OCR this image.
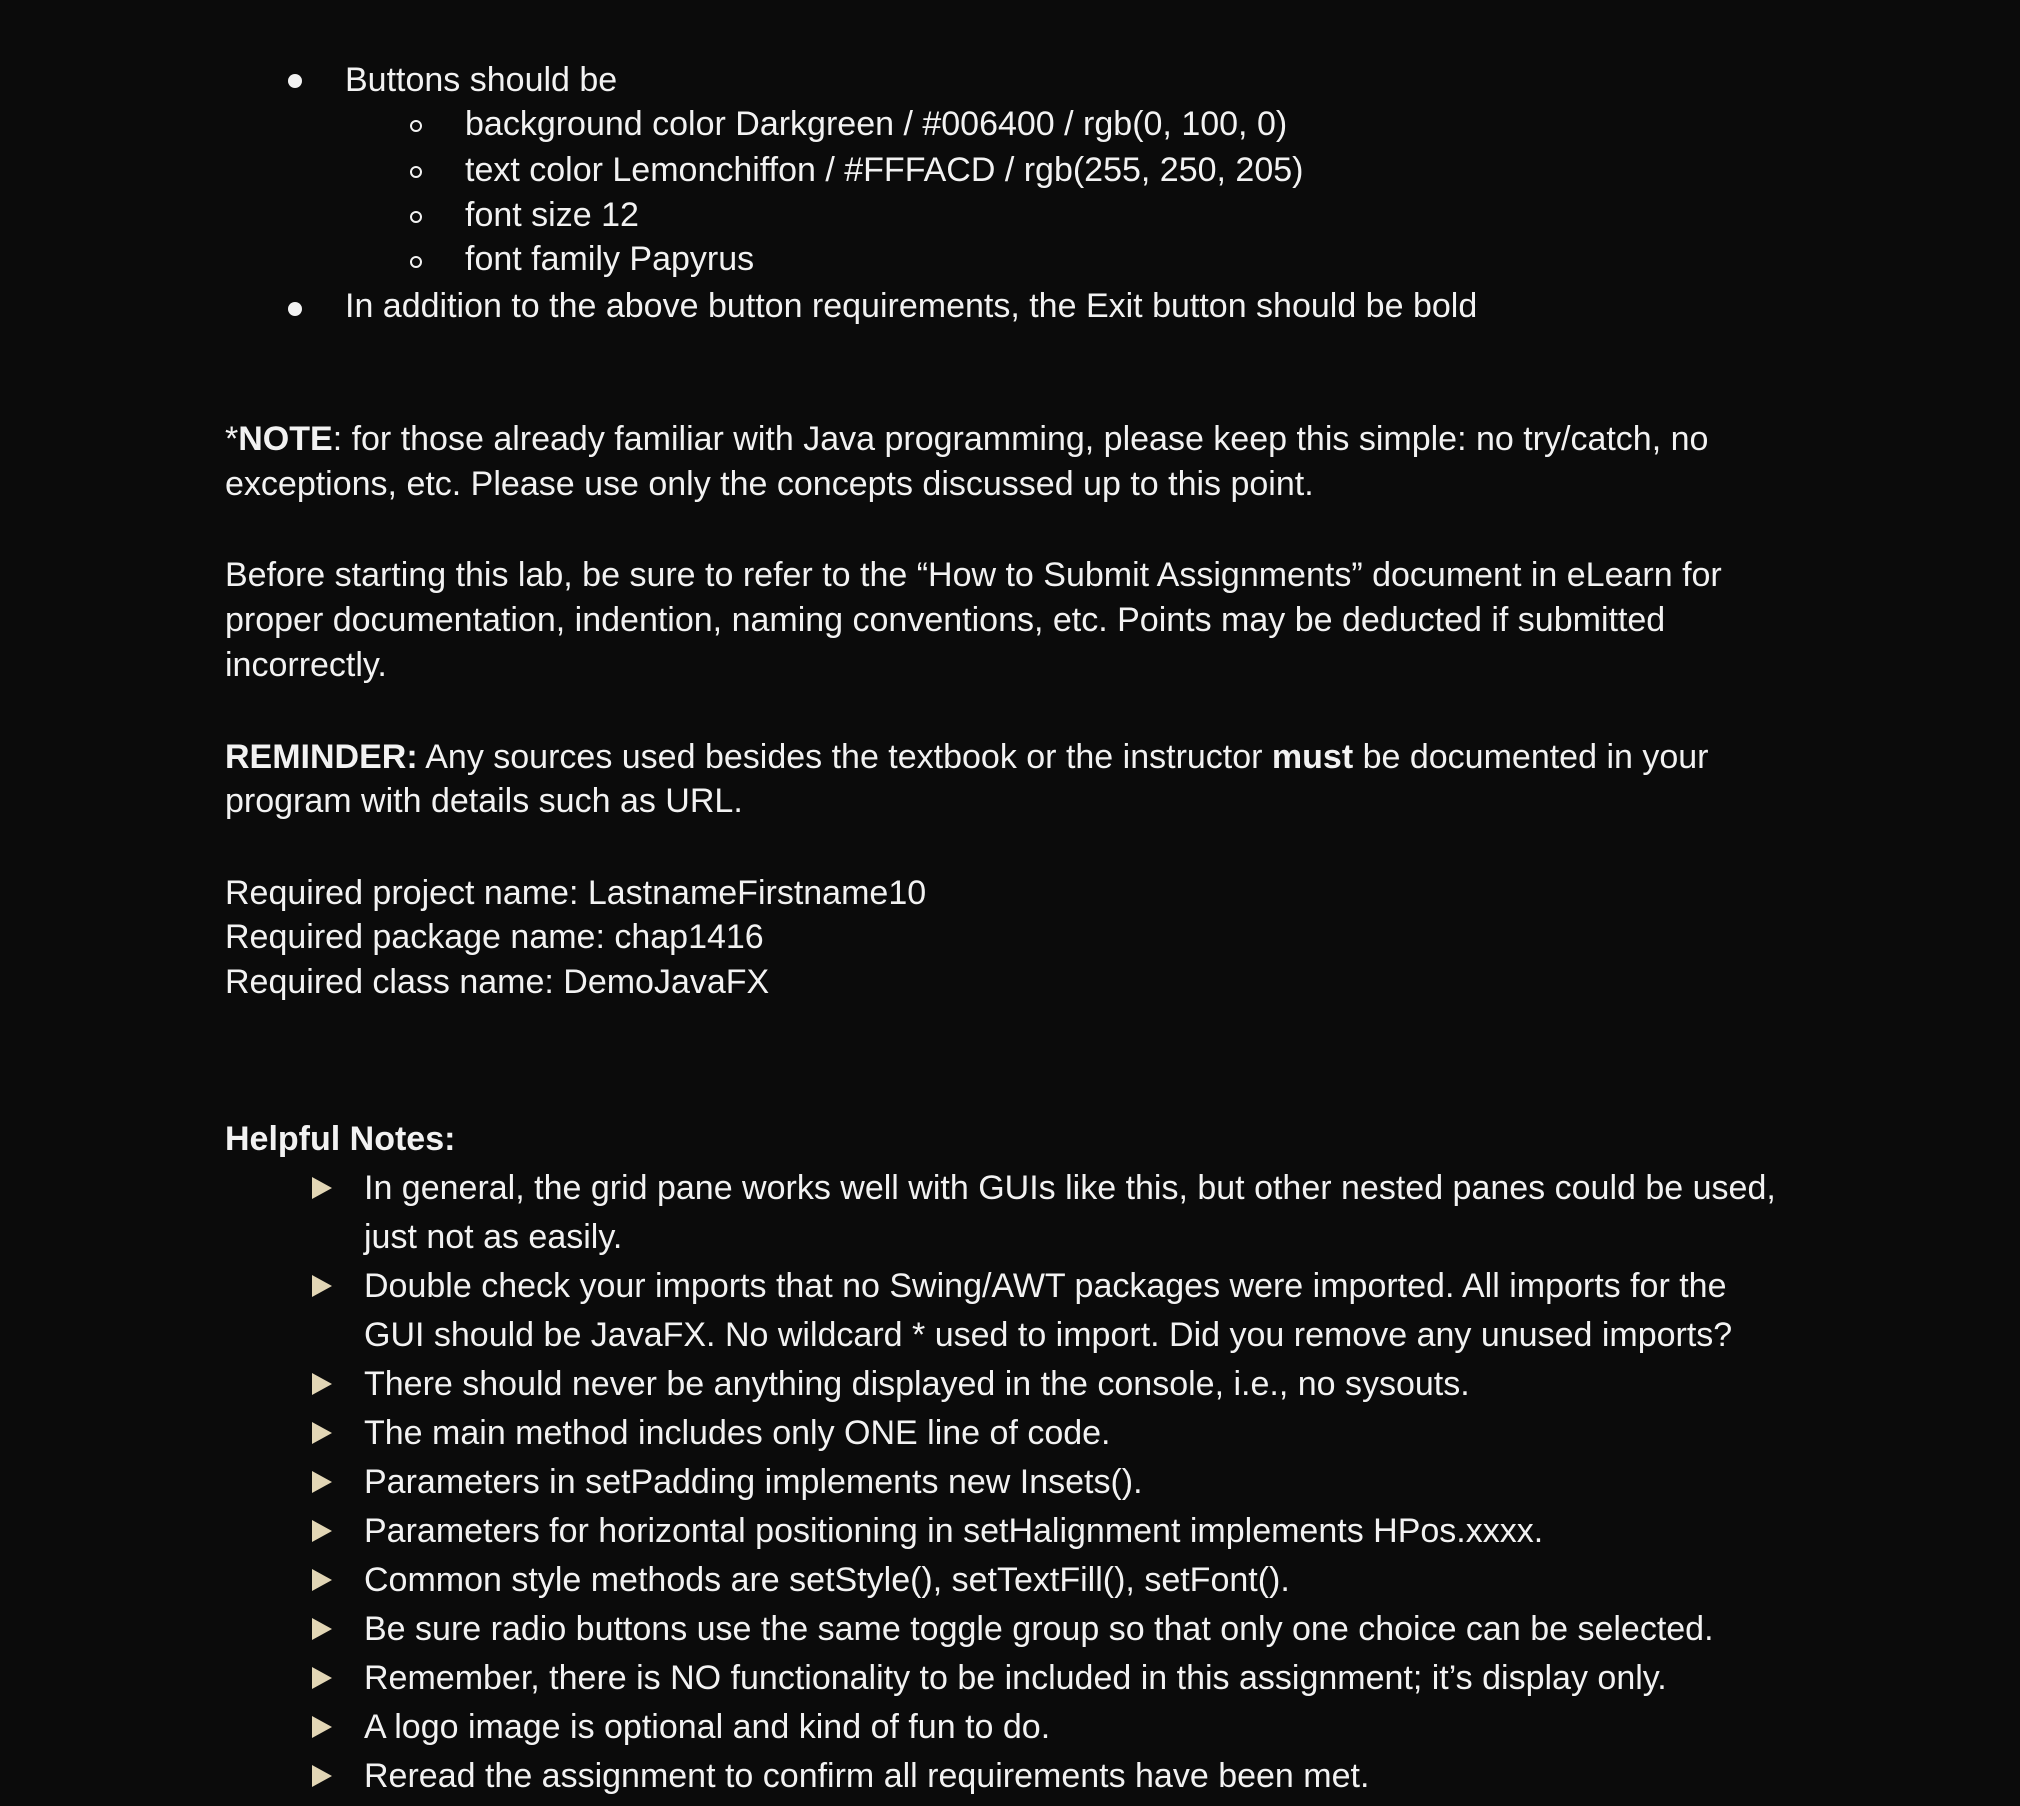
Buttons should be
background color Darkgreen / #006400 / rgb(0, 100, 0)
text color Lemonchiffon / #FFFACD / rgb(255, 250, 205)
font size 12
font family Papyrus
In addition to the above button requirements, the Exit button should be bold
*NOTE: for those already familiar with Java programming, please keep this simple: no try/catch, no
exceptions, etc. Please use only the concepts discussed up to this point.
Before starting this lab, be sure to refer to the “How to Submit Assignments” document in eLearn for
proper documentation, indention, naming conventions, etc. Points may be deducted if submitted
incorrectly.
REMINDER: Any sources used besides the textbook or the instructor must be documented in your
program with details such as URL.
Required project name: LastnameFirstname10
Required package name: chap1416
Required class name: DemoJavaFX
Helpful Notes:
In general, the grid pane works well with GUIs like this, but other nested panes could be used,
just not as easily.
Double check your imports that no Swing/AWT packages were imported. All imports for the
GUI should be JavaFX. No wildcard * used to import. Did you remove any unused imports?
There should never be anything displayed in the console, i.e., no sysouts.
The main method includes only ONE line of code.
Parameters in setPadding implements new Insets().
Parameters for horizontal positioning in setHalignment implements HPos.xxxx.
Common style methods are setStyle(), setTextFill(), setFont().
Be sure radio buttons use the same toggle group so that only one choice can be selected.
Remember, there is NO functionality to be included in this assignment; it’s display only.
A logo image is optional and kind of fun to do.
Reread the assignment to confirm all requirements have been met.
